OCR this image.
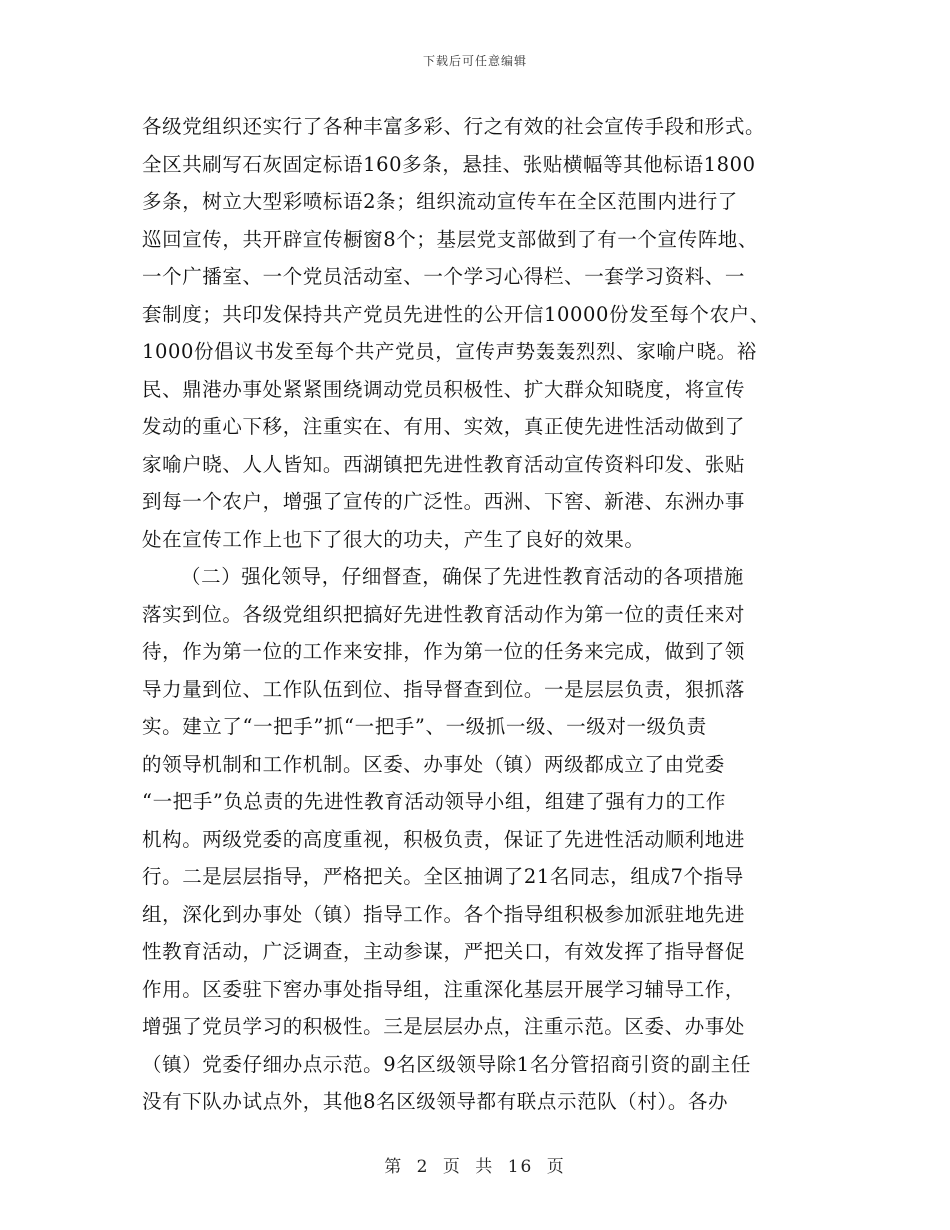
下载后可任意编辑
各级党组织还实行了各种丰富多彩、行之有效的社会宣传手段和形式。
全区共刷写石灰固定标语160多条，悬挂、张贴横幅等其他标语1800
多条，树立大型彩喷标语2条；组织流动宣传车在全区范围内进行了
巡回宣传，共开辟宣传橱窗8个；基层党支部做到了有一个宣传阵地、
一个广播室、一个党员活动室、一个学习心得栏、一套学习资料、一
套制度；共印发保持共产党员先进性的公开信10000份发至每个农户、
1000份倡议书发至每个共产党员，宣传声势轰轰烈烈、家喻户晓。裕
民、鼎港办事处紧紧围绕调动党员积极性、扩大群众知晓度，将宣传
发动的重心下移，注重实在、有用、实效，真正使先进性活动做到了
家喻户晓、人人皆知。西湖镇把先进性教育活动宣传资料印发、张贴
到每一个农户，增强了宣传的广泛性。西洲、下窖、新港、东洲办事
处在宣传工作上也下了很大的功夫，产生了良好的效果。
（二）强化领导，仔细督查，确保了先进性教育活动的各项措施
落实到位。各级党组织把搞好先进性教育活动作为第一位的责任来对
待，作为第一位的工作来安排，作为第一位的任务来完成，做到了领
导力量到位、工作队伍到位、指导督查到位。一是层层负责，狠抓落
实。建立了“一把手”抓“一把手”、一级抓一级、一级对一级负责
的领导机制和工作机制。区委、办事处（镇）两级都成立了由党委
“一把手”负总责的先进性教育活动领导小组，组建了强有力的工作
机构。两级党委的高度重视，积极负责，保证了先进性活动顺利地进
行。二是层层指导，严格把关。全区抽调了21名同志，组成7个指导
组，深化到办事处（镇）指导工作。各个指导组积极参加派驻地先进
性教育活动，广泛调查，主动参谋，严把关口，有效发挥了指导督促
作用。区委驻下窖办事处指导组，注重深化基层开展学习辅导工作，
增强了党员学习的积极性。三是层层办点，注重示范。区委、办事处
（镇）党委仔细办点示范。9名区级领导除1名分管招商引资的副主任
没有下队办试点外，其他8名区级领导都有联点示范队（村）。各办
第 2 页 共 16 页
